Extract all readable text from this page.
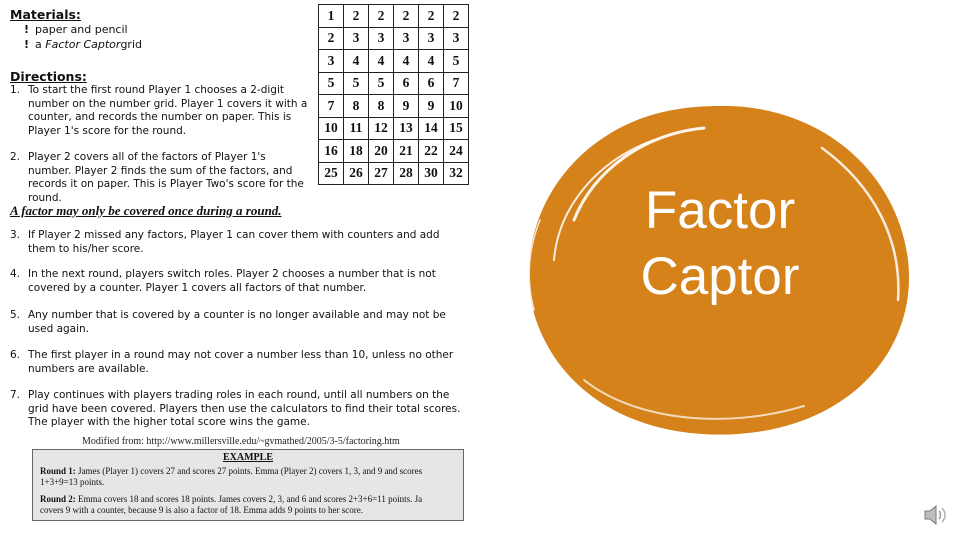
Materials:
! paper and pencil
! a Factor Captorgrid
Directions:
1. To start the first round Player 1 chooses a 2-digit number on the number grid. Player 1 covers it with a counter, and records the number on paper. This is Player 1's score for the round.
2. Player 2 covers all of the factors of Player 1's number. Player 2 finds the sum of the factors, and records it on paper. This is Player Two's score for the round.
A factor may only be covered once during a round.
3. If Player 2 missed any factors, Player 1 can cover them with counters and add them to his/her score.
4. In the next round, players switch roles. Player 2 chooses a number that is not covered by a counter. Player 1 covers all factors of that number.
5. Any number that is covered by a counter is no longer available and may not be used again.
6. The first player in a round may not cover a number less than 10, unless no other numbers are available.
7. Play continues with players trading roles in each round, until all numbers on the grid have been covered. Players then use the calculators to find their total scores. The player with the higher total score wins the game.
1	2	2	2	2	2
2	3	3	3	3	3
3	4	4	4	4	5
5	5	5	6	6	7
7	8	8	9	9	10
10	11	12	13	14	15
16	18	20	21	22	24
25	26	27	28	30	32
Modified from: http://www.millersville.edu/~gvmathed/2005/3-5/factoring.htm
EXAMPLE
Round 1: James (Player 1) covers 27 and scores 27 points. Emma (Player 2) covers 1, 3, and 9 and scores
1+3+9=13 points.
Round 2: Emma covers 18 and scores 18 points. James covers 2, 3, and 6 and scores 2+3+6=11 points. Ja
covers 9 with a counter, because 9 is also a factor of 18. Emma adds 9 points to her score.
Factor
Captor
